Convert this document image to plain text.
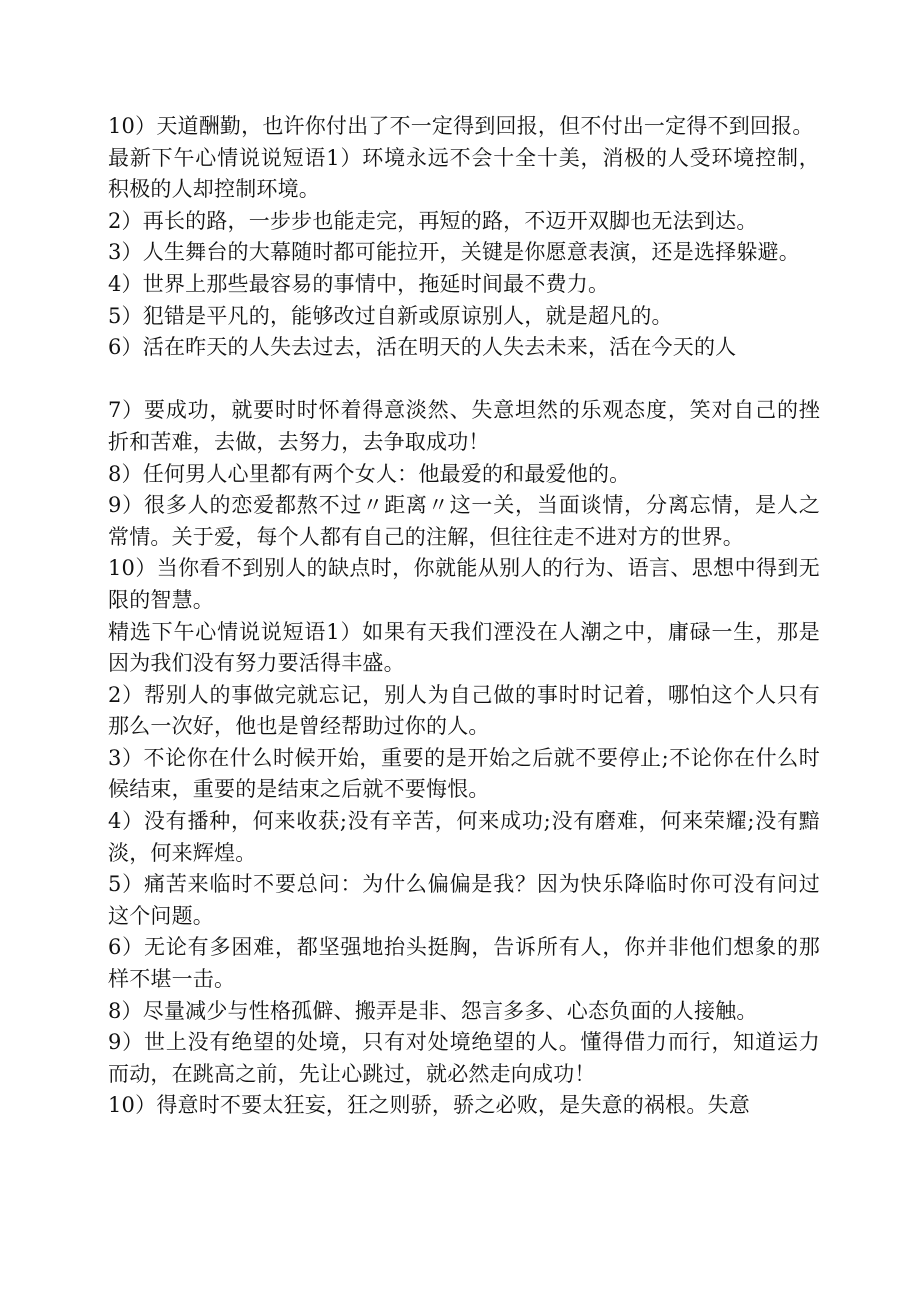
10）天道酬勤，也许你付出了不一定得到回报，但不付出一定得不到回报。

最新下午心情说说短语1）环境永远不会十全十美，消极的人受环境控制，积极的人却控制环境。

2）再长的路，一步步也能走完，再短的路，不迈开双脚也无法到达。

3）人生舞台的大幕随时都可能拉开，关键是你愿意表演，还是选择躲避。

4）世界上那些最容易的事情中，拖延时间最不费力。

5）犯错是平凡的，能够改过自新或原谅别人，就是超凡的。

6）活在昨天的人失去过去，活在明天的人失去未来，活在今天的人

7）要成功，就要时时怀着得意淡然、失意坦然的乐观态度，笑对自己的挫折和苦难，去做，去努力，去争取成功！

8）任何男人心里都有两个女人：他最爱的和最爱他的。

9）很多人的恋爱都熬不过〃距离〃这一关，当面谈情，分离忘情，是人之常情。关于爱，每个人都有自己的注解，但往往走不进对方的世界。

10）当你看不到别人的缺点时，你就能从别人的行为、语言、思想中得到无限的智慧。

精选下午心情说说短语1）如果有天我们湮没在人潮之中，庸碌一生，那是因为我们没有努力要活得丰盛。

2）帮别人的事做完就忘记，别人为自己做的事时时记着，哪怕这个人只有那么一次好，他也是曾经帮助过你的人。

3）不论你在什么时候开始，重要的是开始之后就不要停止;不论你在什么时候结束，重要的是结束之后就不要悔恨。

4）没有播种，何来收获;没有辛苦，何来成功;没有磨难，何来荣耀;没有黯淡，何来辉煌。

5）痛苦来临时不要总问：为什么偏偏是我？因为快乐降临时你可没有问过这个问题。

6）无论有多困难，都坚强地抬头挺胸，告诉所有人，你并非他们想象的那样不堪一击。

8）尽量减少与性格孤僻、搬弄是非、怨言多多、心态负面的人接触。

9）世上没有绝望的处境，只有对处境绝望的人。懂得借力而行，知道运力而动，在跳高之前，先让心跳过，就必然走向成功！

10）得意时不要太狂妄，狂之则骄，骄之必败，是失意的祸根。失意
